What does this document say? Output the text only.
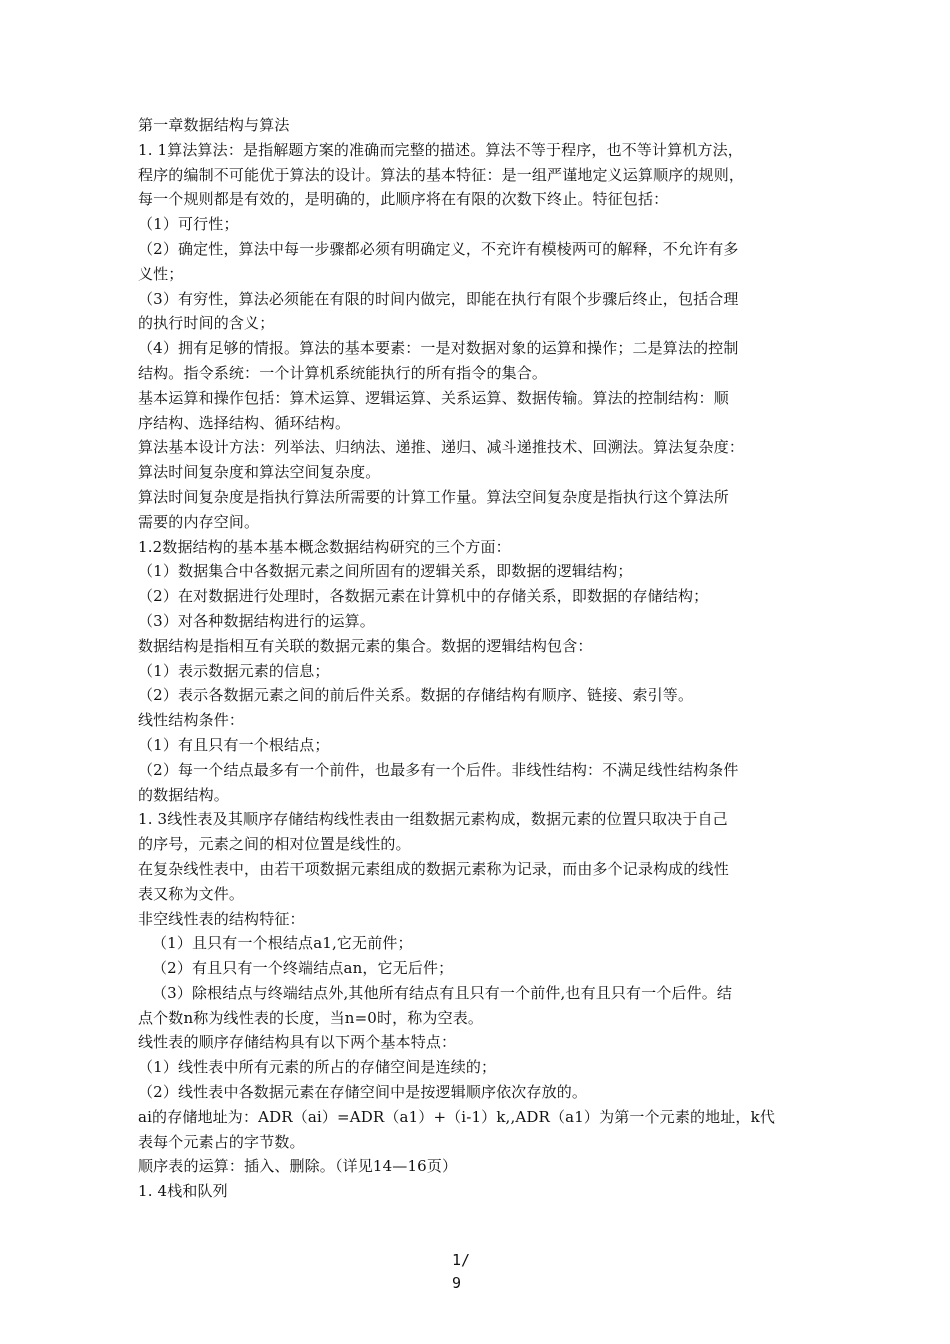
第一章数据结构与算法
1. 1算法算法：是指解题方案的准确而完整的描述。算法不等于程序，也不等计算机方法，
程序的编制不可能优于算法的设计。算法的基本特征：是一组严谨地定义运算顺序的规则，
每一个规则都是有效的，是明确的，此顺序将在有限的次数下终止。特征包括：
（1）可行性；
（2）确定性，算法中每一步骤都必须有明确定义，不充许有模棱两可的解释，不允许有多
义性；
（3）有穷性，算法必须能在有限的时间内做完，即能在执行有限个步骤后终止，包括合理
的执行时间的含义；
（4）拥有足够的情报。算法的基本要素：一是对数据对象的运算和操作；二是算法的控制
结构。指令系统：一个计算机系统能执行的所有指令的集合。
基本运算和操作包括：算术运算、逻辑运算、关系运算、数据传输。算法的控制结构：顺
序结构、选择结构、循环结构。
算法基本设计方法：列举法、归纳法、递推、递归、减斗递推技术、回溯法。算法复杂度：
算法时间复杂度和算法空间复杂度。
算法时间复杂度是指执行算法所需要的计算工作量。算法空间复杂度是指执行这个算法所
需要的内存空间。
1.2数据结构的基本基本概念数据结构研究的三个方面：
（1）数据集合中各数据元素之间所固有的逻辑关系，即数据的逻辑结构；
（2）在对数据进行处理时，各数据元素在计算机中的存储关系，即数据的存储结构；
（3）对各种数据结构进行的运算。
数据结构是指相互有关联的数据元素的集合。数据的逻辑结构包含：
（1）表示数据元素的信息；
（2）表示各数据元素之间的前后件关系。数据的存储结构有顺序、链接、索引等。
线性结构条件：
（1）有且只有一个根结点；
（2）每一个结点最多有一个前件，也最多有一个后件。非线性结构：不满足线性结构条件
的数据结构。
1. 3线性表及其顺序存储结构线性表由一组数据元素构成，数据元素的位置只取决于自己
的序号，元素之间的相对位置是线性的。
在复杂线性表中，由若干项数据元素组成的数据元素称为记录，而由多个记录构成的线性
表又称为文件。
非空线性表的结构特征：
（1）且只有一个根结点a1,它无前件；
（2）有且只有一个终端结点an，它无后件；
（3）除根结点与终端结点外,其他所有结点有且只有一个前件,也有且只有一个后件。结
点个数n称为线性表的长度，当n=0时，称为空表。
线性表的顺序存储结构具有以下两个基本特点：
（1）线性表中所有元素的所占的存储空间是连续的；
（2）线性表中各数据元素在存储空间中是按逻辑顺序依次存放的。
ai的存储地址为：ADR（ai）=ADR（a1）+（i-1）k,,ADR（a1）为第一个元素的地址，k代
表每个元素占的字节数。
顺序表的运算：插入、删除。（详见14—16页）
1. 4栈和队列
1/
9
